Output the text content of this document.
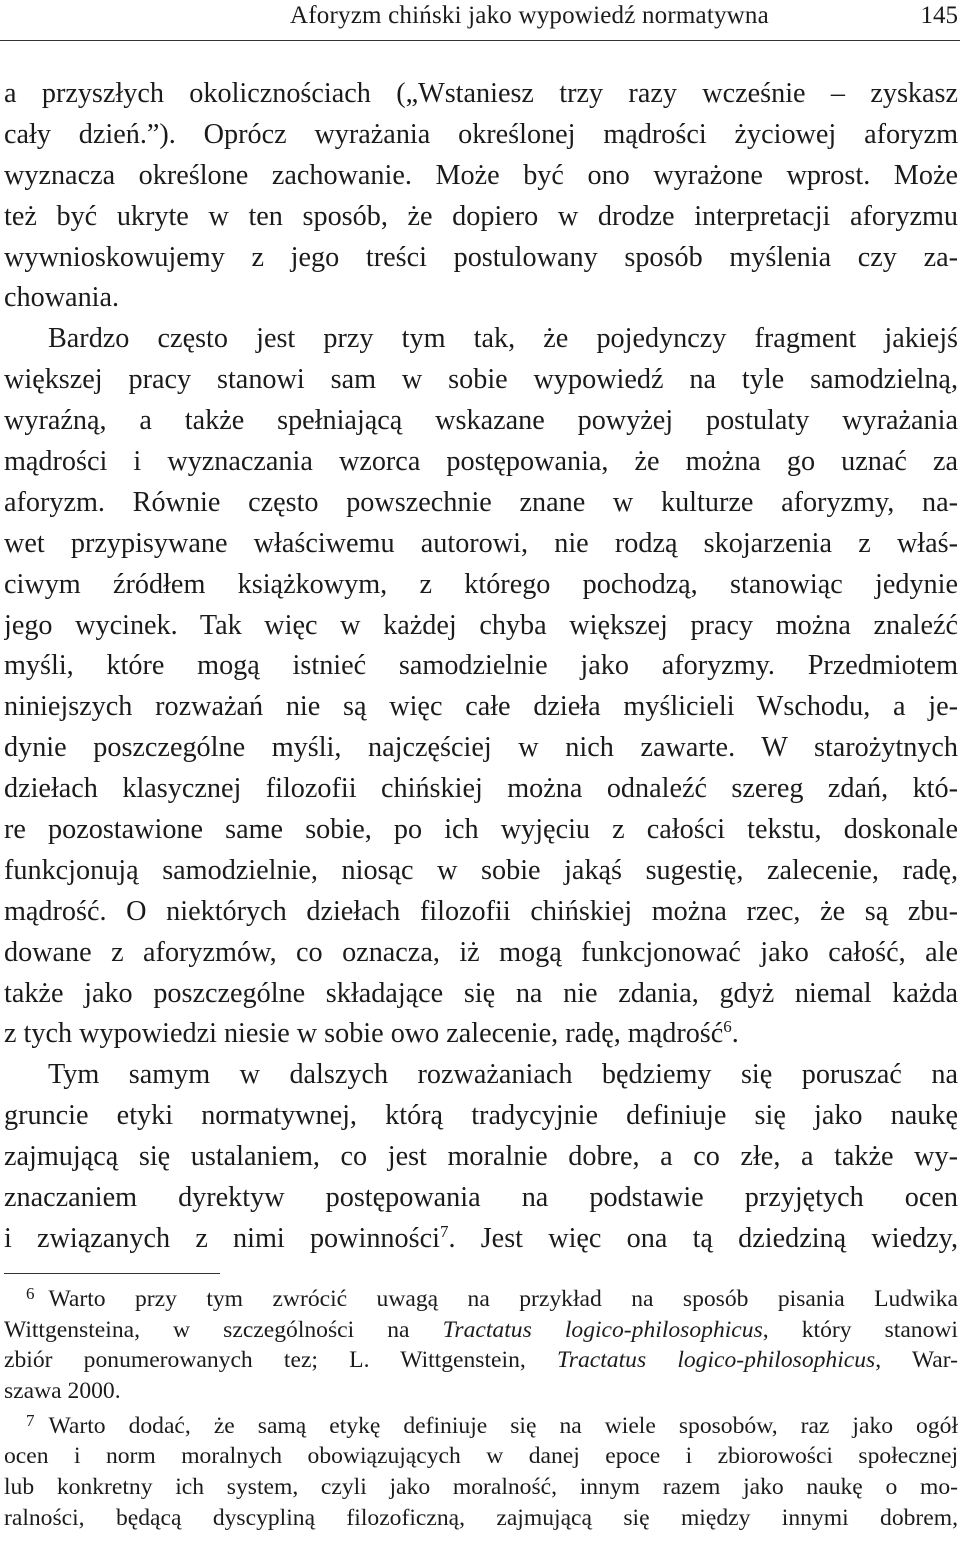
Aforyzm chiński jako wypowiedź normatywna	145
a przyszłych okolicznościach („Wstaniesz trzy razy wcześnie – zyskasz
cały dzień.”). Oprócz wyrażania określonej mądrości życiowej aforyzm
wyznacza określone zachowanie. Może być ono wyrażone wprost. Może
też być ukryte w ten sposób, że dopiero w drodze interpretacji aforyzmu
wywnioskowujemy z jego treści postulowany sposób myślenia czy za-
chowania.
Bardzo często jest przy tym tak, że pojedynczy fragment jakiejś
większej pracy stanowi sam w sobie wypowiedź na tyle samodzielną,
wyraźną, a także spełniającą wskazane powyżej postulaty wyrażania
mądrości i wyznaczania wzorca postępowania, że można go uznać za
aforyzm. Równie często powszechnie znane w kulturze aforyzmy, na-
wet przypisywane właściwemu autorowi, nie rodzą skojarzenia z właś-
ciwym źródłem książkowym, z którego pochodzą, stanowiąc jedynie
jego wycinek. Tak więc w każdej chyba większej pracy można znaleźć
myśli, które mogą istnieć samodzielnie jako aforyzmy. Przedmiotem
niniejszych rozważań nie są więc całe dzieła myślicieli Wschodu, a je-
dynie poszczególne myśli, najczęściej w nich zawarte. W starożytnych
dziełach klasycznej filozofii chińskiej można odnaleźć szereg zdań, któ-
re pozostawione same sobie, po ich wyjęciu z całości tekstu, doskonale
funkcjonują samodzielnie, niosąc w sobie jakąś sugestię, zalecenie, radę,
mądrość. O niektórych dziełach filozofii chińskiej można rzec, że są zbu-
dowane z aforyzmów, co oznacza, iż mogą funkcjonować jako całość, ale
także jako poszczególne składające się na nie zdania, gdyż niemal każda
z tych wypowiedzi niesie w sobie owo zalecenie, radę, mądrość$^6$.
Tym samym w dalszych rozważaniach będziemy się poruszać na
gruncie etyki normatywnej, którą tradycyjnie definiuje się jako naukę
zajmującą się ustalaniem, co jest moralnie dobre, a co złe, a także wy-
znaczaniem dyrektyw postępowania na podstawie przyjętych ocen
i związanych z nimi powinności$^7$. Jest więc ona tą dziedziną wiedzy,
$^6$ Warto przy tym zwrócić uwagą na przykład na sposób pisania Ludwika
Wittgensteina, w szczególności na Tractatus logico-philosophicus, który stanowi
zbiór ponumerowanych tez; L. Wittgenstein, Tractatus logico-philosophicus, War-
szawa 2000.
$^7$ Warto dodać, że samą etykę definiuje się na wiele sposobów, raz jako ogół
ocen i norm moralnych obowiązujących w danej epoce i zbiorowości społecznej
lub konkretny ich system, czyli jako moralność, innym razem jako naukę o mo-
ralności, będącą dyscypliną filozoficzną, zajmującą się między innymi dobrem,
